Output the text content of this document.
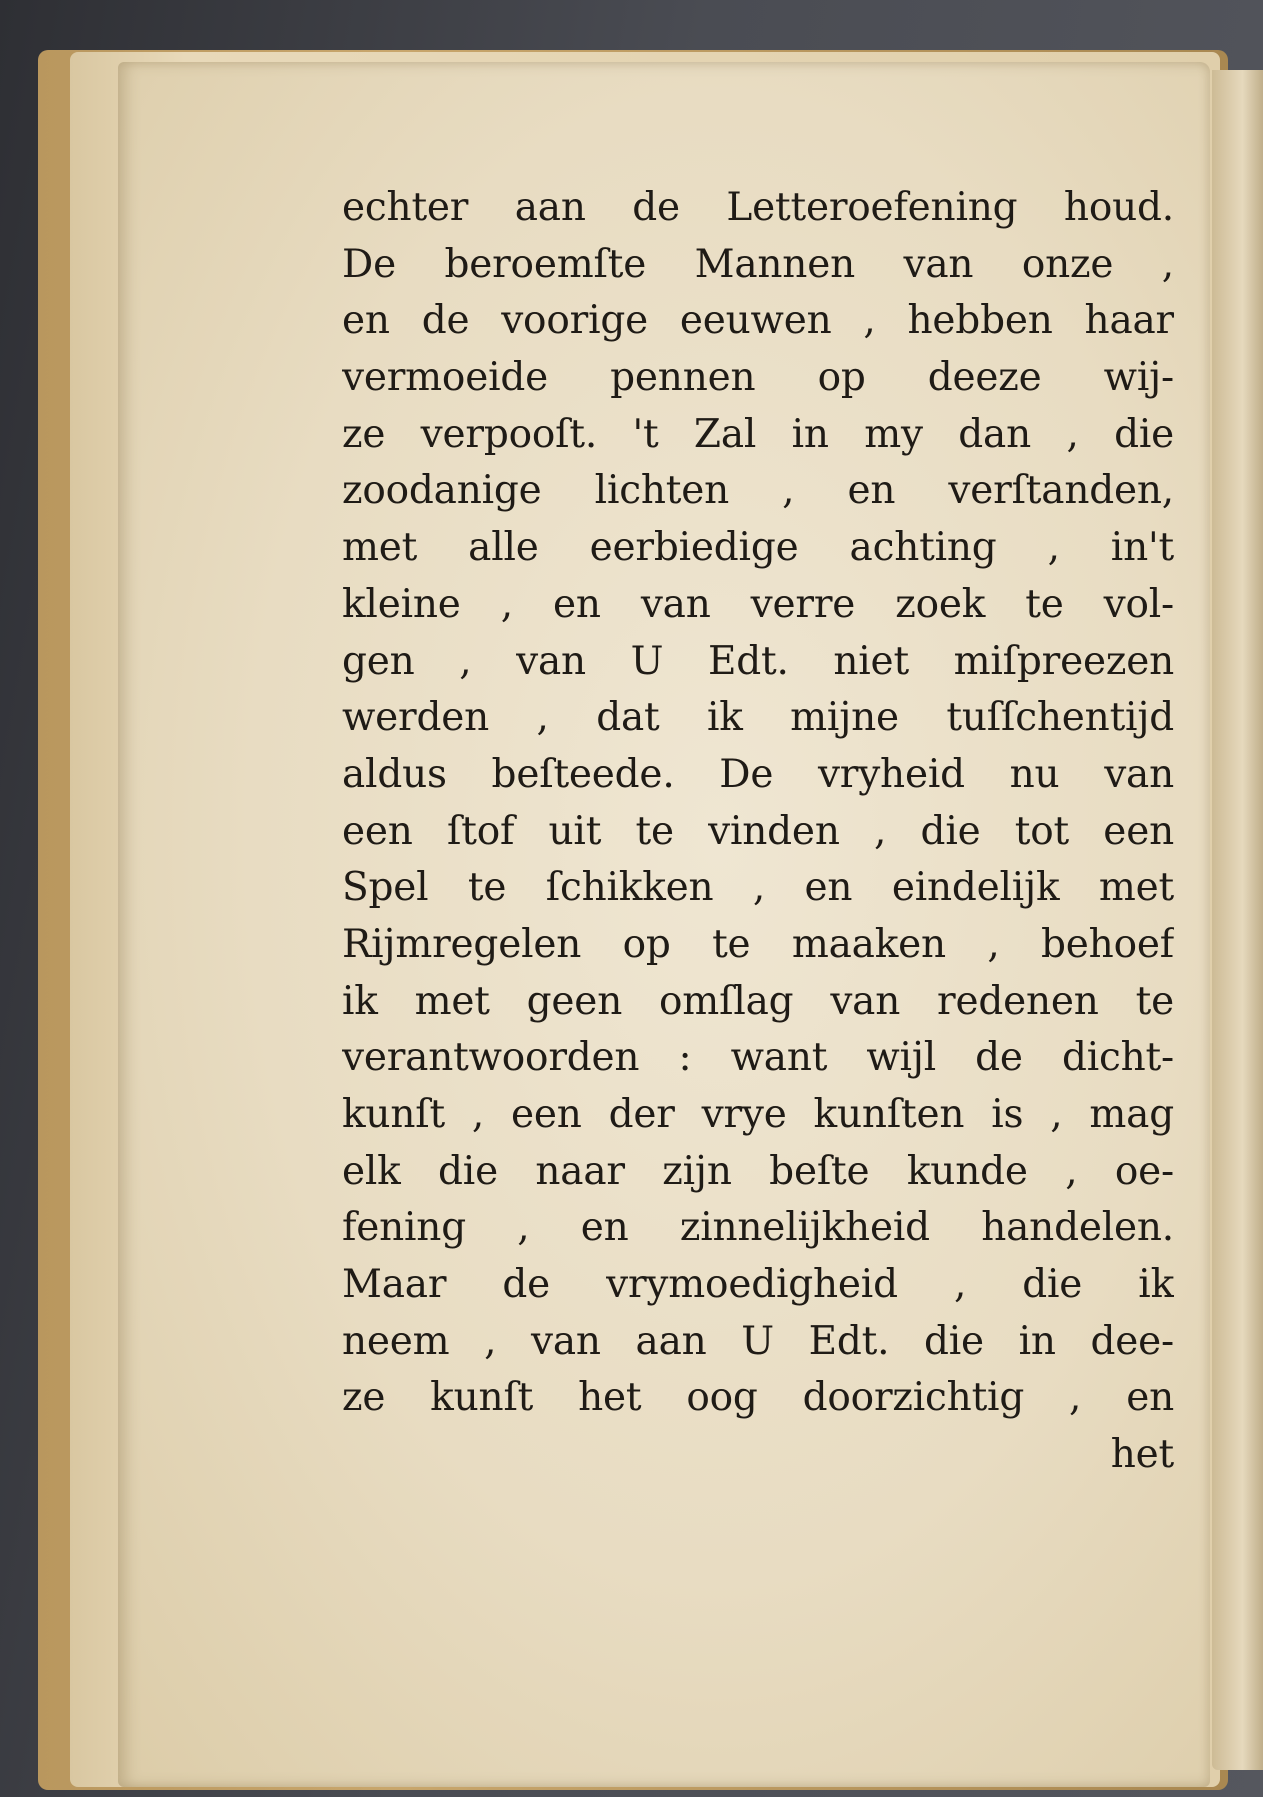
echter aan de Letteroefening houd.
De beroemſte Mannen van onze ,
en de voorige eeuwen , hebben haar
vermoeide pennen op deeze wij-
ze verpooſt. 't Zal in my dan , die
zoodanige lichten , en verſtanden,
met alle eerbiedige achting , in't
kleine , en van verre zoek te vol-
gen , van U Edt. niet miſpreezen
werden , dat ik mijne tuſſchentijd
aldus beſteede. De vryheid nu van
een ſtof uit te vinden , die tot een
Spel te ſchikken , en eindelijk met
Rijmregelen op te maaken , behoef
ik met geen omſlag van redenen te
verantwoorden : want wijl de dicht-
kunſt , een der vrye kunſten is , mag
elk die naar zijn beſte kunde , oe-
fening , en zinnelijkheid handelen.
Maar de vrymoedigheid , die ik
neem , van aan U Edt. die in dee-
ze kunſt het oog doorzichtig , en
het
